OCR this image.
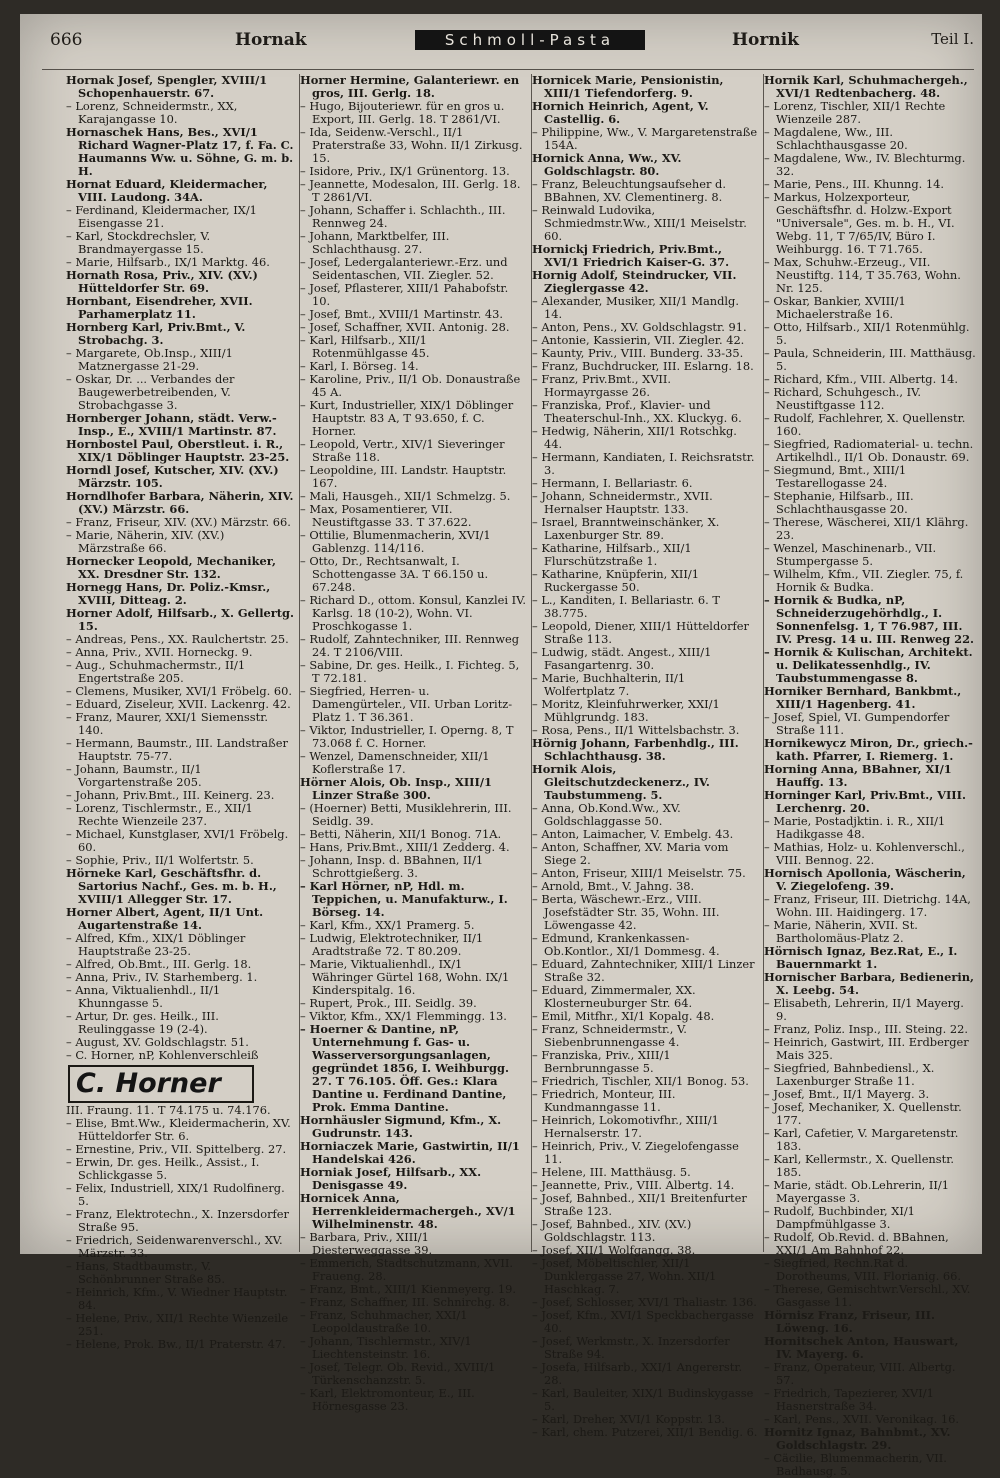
666	Hornak	Schmoll-Pasta	Hornik	Teil I.

Hornak Josef, Spengler, XVIII/1 Schopenhauerstr. 67.

– Lorenz, Schneidermstr., XX, Karajangasse 10.

Hornaschek Hans, Bes., XVI/1 Richard Wagner-Platz 17, f. Fa. C. Haumanns Ww. u. Söhne, G. m. b. H.

Hornat Eduard, Kleidermacher, VIII. Laudong. 34A.

– Ferdinand, Kleidermacher, IX/1 Eisengasse 21.

– Karl, Stockdrechsler, V. Brandmayergasse 15.

– Marie, Hilfsarb., IX/1 Marktg. 46.

Hornath Rosa, Priv., XIV. (XV.) Hütteldorfer Str. 69.

Hornbant, Eisendreher, XVII. Parhamerplatz 11.

Hornberg Karl, Priv.Bmt., V. Strobachg. 3.

– Margarete, Ob.Insp., XIII/1 Matznergasse 21-29.

– Oskar, Dr. ... Verbandes der Baugewerbetreibenden, V. Strobachgasse 3.

Hornberger Johann, städt. Verw.-Insp., E., XVIII/1 Martinstr. 87.

Hornbostel Paul, Oberstleut. i. R., XIX/1 Döblinger Hauptstr. 23-25.

Horndl Josef, Kutscher, XIV. (XV.) Märzstr. 105.

Horndlhofer Barbara, Näherin, XIV. (XV.) Märzstr. 66.

– Franz, Friseur, XIV. (XV.) Märzstr. 66.

– Marie, Näherin, XIV. (XV.) Märzstraße 66.

Hornecker Leopold, Mechaniker, XX. Dresdner Str. 132.

Hornegg Hans, Dr. Poliz.-Kmsr., XVIII, Ditteag. 2.

Horner Adolf, Hilfsarb., X. Gellertg. 15.

– Andreas, Pens., XX. Raulchertstr. 25.

– Anna, Priv., XVII. Horneckg. 9.

– Aug., Schuhmachermstr., II/1 Engertstraße 205.

– Clemens, Musiker, XVI/1 Fröbelg. 60.

– Eduard, Ziseleur, XVII. Lackenrg. 42.

– Franz, Maurer, XXI/1 Siemensstr. 140.

– Hermann, Baumstr., III. Landstraßer Hauptstr. 75-77.

– Johann, Baumstr., II/1 Vorgartenstraße 205.

– Johann, Priv.Bmt., III. Keinerg. 23.

– Lorenz, Tischlermstr., E., XII/1 Rechte Wienzeile 237.

– Michael, Kunstglaser, XVI/1 Fröbelg. 60.

– Sophie, Priv., II/1 Wolfertstr. 5.

Hörneke Karl, Geschäftsfhr. d. Sartorius Nachf., Ges. m. b. H., XVIII/1 Allegger Str. 17.

Horner Albert, Agent, II/1 Unt. Augartenstraße 14.

– Alfred, Kfm., XIX/1 Döblinger Hauptstraße 23-25.

– Alfred, Ob.Bmt., III. Gerlg. 18.

– Anna, Priv., IV. Starhemberg. 1.

– Anna, Viktualienhdl., II/1 Khunngasse 5.

– Artur, Dr. ges. Heilk., III. Reulinggasse 19 (2-4).

– August, XV. Goldschlagstr. 51.

– C. Horner, nP, Kohlenverschleiß

C. Horner

III. Fraung. 11. T 74.175 u. 74.176.

– Elise, Bmt.Ww., Kleidermacherin, XV. Hütteldorfer Str. 6.

– Ernestine, Priv., VII. Spittelberg. 27.

– Erwin, Dr. ges. Heilk., Assist., I. Schlickgasse 5.

– Felix, Industriell, XIX/1 Rudolfinerg. 5.

– Franz, Elektrotechn., X. Inzersdorfer Straße 95.

– Friedrich, Seidenwarenverschl., XV. Märzstr. 33.

– Hans, Stadtbaumstr., V. Schönbrunner Straße 85.

– Heinrich, Kfm., V. Wiedner Hauptstr. 84.

– Helene, Priv., XII/1 Rechte Wienzeile 251.

– Helene, Prok. Bw., II/1 Praterstr. 47.

Horner Hermine, Galanteriewr. en gros, III. Gerlg. 18.

– Hugo, Bijouteriewr. für en gros u. Export, III. Gerlg. 18. T 2861/VI.

– Ida, Seidenw.-Verschl., II/1 Praterstraße 33, Wohn. II/1 Zirkusg. 15.

– Isidore, Priv., IX/1 Grünentorg. 13.

– Jeannette, Modesalon, III. Gerlg. 18. T 2861/VI.

– Johann, Schaffer i. Schlachth., III. Rennweg 24.

– Johann, Marktbelfer, III. Schlachthausg. 27.

– Josef, Ledergalanteriewr.-Erz. und Seidentaschen, VII. Ziegler. 52.

– Josef, Pflasterer, XIII/1 Pahabofstr. 10.

– Josef, Bmt., XVIII/1 Martinstr. 43.

– Josef, Schaffner, XVII. Antonig. 28.

– Karl, Hilfsarb., XII/1 Rotenmühlgasse 45.

– Karl, I. Börseg. 14.

– Karoline, Priv., II/1 Ob. Donaustraße 45 A.

– Kurt, Industrieller, XIX/1 Döblinger Hauptstr. 83 A, T 93.650, f. C. Horner.

– Leopold, Vertr., XIV/1 Sieveringer Straße 118.

– Leopoldine, III. Landstr. Hauptstr. 167.

– Mali, Hausgeh., XII/1 Schmelzg. 5.

– Max, Posamentierer, VII. Neustiftgasse 33. T 37.622.

– Ottilie, Blumenmacherin, XVI/1 Gablenzg. 114/116.

– Otto, Dr., Rechtsanwalt, I. Schottengasse 3A. T 66.150 u. 67.248.

– Richard D., ottom. Konsul, Kanzlei IV. Karlsg. 18 (10-2), Wohn. VI. Proschkogasse 1.

– Rudolf, Zahntechniker, III. Rennweg 24. T 2106/VIII.

– Sabine, Dr. ges. Heilk., I. Fichteg. 5, T 72.181.

– Siegfried, Herren- u. Damengürteler., VII. Urban Loritz-Platz 1. T 36.361.

– Viktor, Industrieller, I. Operng. 8, T 73.068 f. C. Horner.

– Wenzel, Damenschneider, XII/1 Koflerstraße 17.

Hörner Alois, Ob. Insp., XIII/1 Linzer Straße 300.

– (Hoerner) Betti, Musiklehrerin, III. Seidlg. 39.

– Betti, Näherin, XII/1 Bonog. 71A.

– Hans, Priv.Bmt., XIII/1 Zedderg. 4.

– Johann, Insp. d. BBahnen, II/1 Schrottgießerg. 3.

– Karl Hörner, nP, Hdl. m. Teppichen, u. Manufakturw., I. Börseg. 14.

– Karl, Kfm., XX/1 Pramerg. 5.

– Ludwig, Elektrotechniker, II/1 Aradtstraße 72. T 80.209.

– Marie, Viktualienhdl., IX/1 Währinger Gürtel 168, Wohn. IX/1 Kinderspitalg. 16.

– Rupert, Prok., III. Seidlg. 39.

– Viktor, Kfm., XX/1 Flemmingg. 13.

– Hoerner & Dantine, nP, Unternehmung f. Gas- u. Wasserversorgungsanlagen, gegründet 1856, I. Weihburgg. 27. T 76.105. Öff. Ges.: Klara Dantine u. Ferdinand Dantine, Prok. Emma Dantine.

Hornhäusler Sigmund, Kfm., X. Gudrunstr. 143.

Horniaczek Marie, Gastwirtin, II/1 Handelskai 426.

Horniak Josef, Hilfsarb., XX. Denisgasse 49.

Hornicek Anna, Herrenkleidermachergeh., XV/1 Wilhelminenstr. 48.

– Barbara, Priv., XIII/1 Diesterweggasse 39.

– Emmerich, Stadtschutzmann, XVII. Fraueng. 28.

– Franz, Bmt., XIII/1 Kienmeyerg. 19.

– Franz, Schaffner, III. Schnirchg. 8.

– Franz, Schuhmacher, XXI/1 Leopoldaustraße 10.

– Johann, Tischlermstr., XIV/1 Liechtensteinstr. 16.

– Josef, Telegr. Ob. Revid., XVIII/1 Türkenschanzstr. 5.

– Karl, Elektromonteur, E., III. Hörnesgasse 23.

Hornicek Marie, Pensionistin, XIII/1 Tiefendorferg. 9.

Hornich Heinrich, Agent, V. Castellig. 6.

– Philippine, Ww., V. Margaretenstraße 154A.

Hornick Anna, Ww., XV. Goldschlagstr. 80.

– Franz, Beleuchtungsaufseher d. BBahnen, XV. Clementinerg. 8.

– Reinwald Ludovika, Schmiedmstr.Ww., XIII/1 Meiselstr. 60.

Hornickj Friedrich, Priv.Bmt., XVI/1 Friedrich Kaiser-G. 37.

Hornig Adolf, Steindrucker, VII. Zieglergasse 42.

– Alexander, Musiker, XII/1 Mandlg. 14.

– Anton, Pens., XV. Goldschlagstr. 91.

– Antonie, Kassierin, VII. Ziegler. 42.

– Kaunty, Priv., VIII. Bunderg. 33-35.

– Franz, Buchdrucker, III. Eslarng. 18.

– Franz, Priv.Bmt., XVII. Hormayrgasse 26.

– Franziska, Prof., Klavier- und Theaterschul-Inh., XX. Kluckyg. 6.

– Hedwig, Näherin, XII/1 Rotschkg. 44.

– Hermann, Kandiaten, I. Reichsratstr. 3.

– Hermann, I. Bellariastr. 6.

– Johann, Schneidermstr., XVII. Hernalser Hauptstr. 133.

– Israel, Branntweinschänker, X. Laxenburger Str. 89.

– Katharine, Hilfsarb., XII/1 Flurschützstraße 1.

– Katharine, Knüpferin, XII/1 Ruckergasse 50.

– L., Kanditen, I. Bellariastr. 6. T 38.775.

– Leopold, Diener, XIII/1 Hütteldorfer Straße 113.

– Ludwig, städt. Angest., XIII/1 Fasangartenrg. 30.

– Marie, Buchhalterin, II/1 Wolfertplatz 7.

– Moritz, Kleinfuhrwerker, XXI/1 Mühlgrundg. 183.

– Rosa, Pens., II/1 Wittelsbachstr. 3.

Hörnig Johann, Farbenhdlg., III. Schlachthausg. 38.

Hornik Alois, Gleitschutzdeckenerz., IV. Taubstummeng. 5.

– Anna, Ob.Kond.Ww., XV. Goldschlaggasse 50.

– Anton, Laimacher, V. Embelg. 43.

– Anton, Schaffner, XV. Maria vom Siege 2.

– Anton, Friseur, XIII/1 Meiselstr. 75.

– Arnold, Bmt., V. Jahng. 38.

– Berta, Wäschewr.-Erz., VIII. Josefstädter Str. 35, Wohn. III. Löwengasse 42.

– Edmund, Krankenkassen-Ob.Kontlor., XI/1 Dommesg. 4.

– Eduard, Zahntechniker, XIII/1 Linzer Straße 32.

– Eduard, Zimmermaler, XX. Klosterneuburger Str. 64.

– Emil, Mitfhr., XI/1 Kopalg. 48.

– Franz, Schneidermstr., V. Siebenbrunnengasse 4.

– Franziska, Priv., XIII/1 Bernbrunngasse 5.

– Friedrich, Tischler, XII/1 Bonog. 53.

– Friedrich, Monteur, III. Kundmanngasse 11.

– Heinrich, Lokomotivfhr., XIII/1 Hernalserstr. 17.

– Heinrich, Priv., V. Ziegelofengasse 11.

– Helene, III. Matthäusg. 5.

– Jeannette, Priv., VIII. Albertg. 14.

– Josef, Bahnbed., XII/1 Breitenfurter Straße 123.

– Josef, Bahnbed., XIV. (XV.) Goldschlagstr. 113.

– Josef, XII/1 Wolfgangg. 38.

– Josef, Möbeltischler, XII/1 Dunklergasse 27, Wohn. XII/1 Haschkag. 7.

– Josef, Schlosser, XVI/1 Thaliastr. 136.

– Josef, Kfm., XVI/1 Speckbachergasse 40.

– Josef, Werkmstr., X. Inzersdorfer Straße 94.

– Josefa, Hilfsarb., XXI/1 Angererstr. 28.

– Karl, Bauleiter, XIX/1 Budinskygasse 5.

– Karl, Dreher, XVI/1 Koppstr. 13.

– Karl, chem. Putzerei, XII/1 Bendig. 6.

Hornik Karl, Schuhmachergeh., XVI/1 Redtenbacherg. 48.

– Lorenz, Tischler, XII/1 Rechte Wienzeile 287.

– Magdalene, Ww., III. Schlachthausgasse 20.

– Magdalene, Ww., IV. Blechturmg. 32.

– Marie, Pens., III. Khunng. 14.

– Markus, Holzexporteur, Geschäftsfhr. d. Holzw.-Export "Universale", Ges. m. b. H., VI. Webg. 11, T 7/65/IV, Büro I. Weihburgg. 16. T 71.765.

– Max, Schuhw.-Erzeug., VII. Neustiftg. 114, T 35.763, Wohn. Nr. 125.

– Oskar, Bankier, XVIII/1 Michaelerstraße 16.

– Otto, Hilfsarb., XII/1 Rotenmühlg. 5.

– Paula, Schneiderin, III. Matthäusg. 5.

– Richard, Kfm., VIII. Albertg. 14.

– Richard, Schuhgesch., IV. Neustiftgasse 112.

– Rudolf, Fachlehrer, X. Quellenstr. 160.

– Siegfried, Radiomaterial- u. techn. Artikelhdl., II/1 Ob. Donaustr. 69.

– Siegmund, Bmt., XIII/1 Testarellogasse 24.

– Stephanie, Hilfsarb., III. Schlachthausgasse 20.

– Therese, Wäscherei, XII/1 Klährg. 23.

– Wenzel, Maschinenarb., VII. Stumpergasse 5.

– Wilhelm, Kfm., VII. Ziegler. 75, f. Hornik & Budka.

– Hornik & Budka, nP, Schneiderzugehörhdlg., I. Sonnenfelsg. 1, T 76.987, III. IV. Presg. 14 u. III. Renweg 22.

– Hornik & Kulischan, Architekt. u. Delikatessenhdlg., IV. Taubstummengasse 8.

Horniker Bernhard, Bankbmt., XIII/1 Hagenberg. 41.

– Josef, Spiel, VI. Gumpendorfer Straße 111.

Hornikewycz Miron, Dr., griech.-kath. Pfarrer, I. Riemerg. 1.

Horning Anna, BBahner, XI/1 Hauffg. 13.

Horninger Karl, Priv.Bmt., VIII. Lerchenrg. 20.

– Marie, Postadjktin. i. R., XII/1 Hadikgasse 48.

– Mathias, Holz- u. Kohlenverschl., VIII. Bennog. 22.

Hornisch Apollonia, Wäscherin, V. Ziegelofeng. 39.

– Franz, Friseur, III. Dietrichg. 14A, Wohn. III. Haidingerg. 17.

– Marie, Näherin, XVII. St. Bartholomäus-Platz 2.

Hörnisch Ignaz, Bez.Rat, E., I. Bauernmarkt 1.

Hornischer Barbara, Bedienerin, X. Leebg. 54.

– Elisabeth, Lehrerin, II/1 Mayerg. 9.

– Franz, Poliz. Insp., III. Steing. 22.

– Heinrich, Gastwirt, III. Erdberger Mais 325.

– Siegfried, Bahnbediensl., X. Laxenburger Straße 11.

– Josef, Bmt., II/1 Mayerg. 3.

– Josef, Mechaniker, X. Quellenstr. 177.

– Karl, Cafetier, V. Margaretenstr. 183.

– Karl, Kellermstr., X. Quellenstr. 185.

– Marie, städt. Ob.Lehrerin, II/1 Mayergasse 3.

– Rudolf, Buchbinder, XI/1 Dampfmühlgasse 3.

– Rudolf, Ob.Revid. d. BBahnen, XXI/1 Am Bahnhof 22.

– Siegfried, Rechn.Rat d. Dorotheums, VIII. Florianig. 66.

– Therese, Gemischtwr.Verschl., XV. Gasgasse 11.

Hörnisz Franz, Friseur, III. Löweng. 16.

Hornitschek Anton, Hauswart, IV. Mayerg. 6.

– Franz, Operateur, VIII. Albertg. 57.

– Friedrich, Tapezierer, XVI/1 Hasnerstraße 34.

– Karl, Pens., XVII. Veronikag. 16.

Hornitz Ignaz, Bahnbmt., XV. Goldschlagstr. 29.

– Cäcilie, Blumenmacherin, VII. Badhausg. 5.
